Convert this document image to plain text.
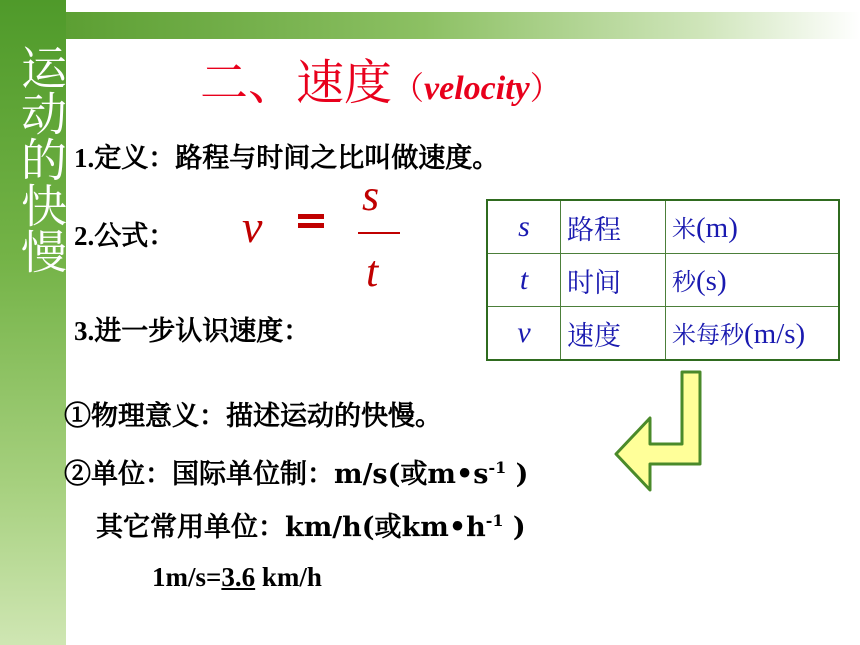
运动的快慢	二、速度（velocity）
1.定义：路程与时间之比叫做速度。
2.公式： v
s
t
3.进一步认识速度：
s	路程	米(m)
t	时间	秒(s)
v	速度	米每秒(m/s)
①物理意义：描述运动的快慢。
②单位：国际单位制：m/s(或$m•s^{-1}$ )
其它常用单位：km/h(或$km•h^{-1}$ )
1m/s=3.6 km/h
